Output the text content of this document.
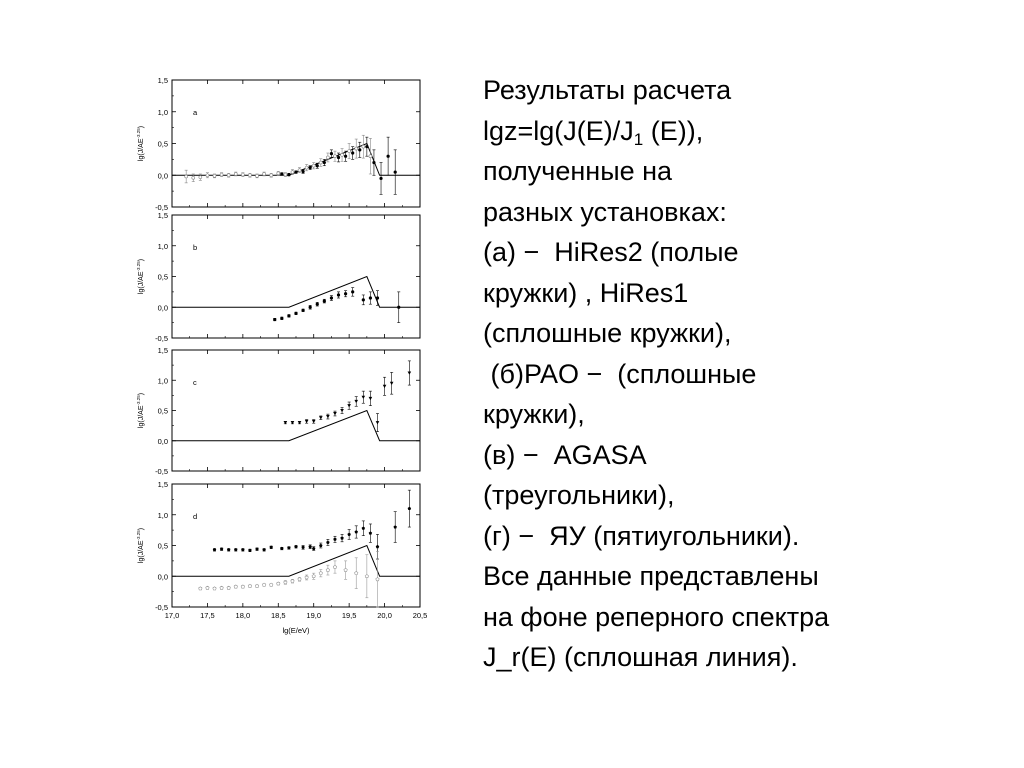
-0,5
0,0
0,5
1,0
1,5
$\lg(J/AE^{-3.25})$
a
-0,5
0,0
0,5
1,0
1,5
$\lg(J/AE^{-3.25})$
b
-0,5
0,0
0,5
1,0
1,5
$\lg(J/AE^{-3.25})$
c
-0,5
0,0
0,5
1,0
1,5
$\lg(J/AE^{-3.25})$
d
17,0	17,5	18,0	18,5	19,0	19,5	20,0	20,5
lg(E/eV)
Результаты расчета
$\lg z=\lg(J(E)/J_1$ (E)),
полученные на
разных установках:
(а) −  HiRes2 (полые
кружки) , HiRes1
(сплошные кружки),
(б)PAO −  (сплошные
кружки),
(в) −  AGASA
(треугольники),
(г) −  ЯУ (пятиугольники).
Все данные представлены
на фоне реперного спектра
J_r(E) (сплошная линия).
